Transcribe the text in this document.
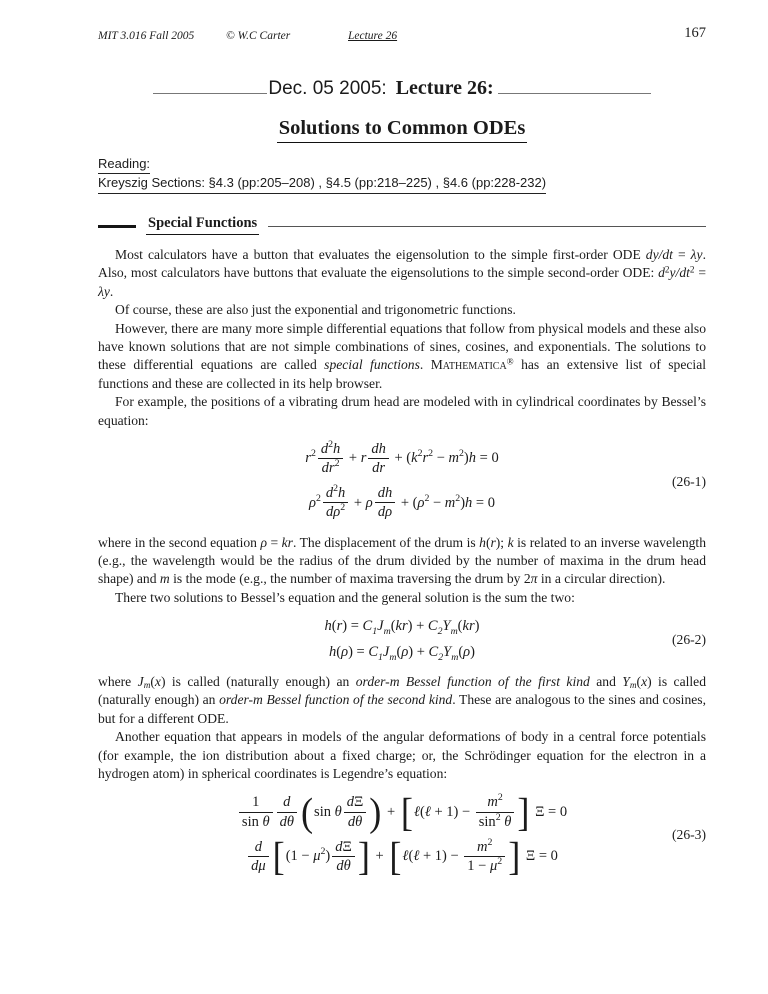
MIT 3.016 Fall 2005	© W.C Carter	Lecture 26	167
Dec. 05 2005: Lecture 26:
Solutions to Common ODEs
Reading:
Kreyszig Sections: §4.3 (pp:205–208) , §4.5 (pp:218–225) , §4.6 (pp:228-232)
Special Functions

Most calculators have a button that evaluates the eigensolution to the simple first-order ODE dy/dt = λy. Also, most calculators have buttons that evaluate the eigensolutions to the simple second-order ODE: $d^2y/dt^2 = \lambda y$.

Of course, these are also just the exponential and trigonometric functions.

However, there are many more simple differential equations that follow from physical models and these also have known solutions that are not simple combinations of sines, cosines, and exponentials. The solutions to these differential equations are called special functions. Mathematica® has an extensive list of special functions and these are collected in its help browser.

For example, the positions of a vibrating drum head are modeled with in cylindrical coordinates by Bessel’s equation:

$r^2 \frac{d^2 h}{dr^2} + r \frac{dh}{dr}$ + ( $k^2$ $r^2 - m^2$ ) h = 0
$\rho^2 \frac{d^2 h}{d\rho^2} + \rho \frac{dh}{d\rho}$ + ( $\rho^2 - m^2$ ) h = 0
(26-1)

where in the second equation ρ = kr. The displacement of the drum is h(r); k is related to an inverse wavelength (e.g., the wavelength would be the radius of the drum divided by the number of maxima in the drum head shape) and m is the mode (e.g., the number of maxima traversing the drum by 2π in a circular direction).

There two solutions to Bessel’s equation and the general solution is the sum the two:

h ( r ) = $C_1$ $J_m$ ( kr ) + $C_2$ $Y_m$ ( kr )
h ( ρ ) = $C_1$ $J_m$ ( ρ ) + $C_2$ $Y_m$ ( ρ )
(26-2)

where $J_m(x)$ is called (naturally enough) an order-m Bessel function of the first kind and $Y_m(x)$ is called (naturally enough) an order-m Bessel function of the second kind. These are analogous to the sines and cosines, but for a different ODE.

Another equation that appears in models of the angular deformations of body in a central force potentials (for example, the ion distribution about a fixed charge; or, the Schrödinger equation for the electron in a hydrogen atom) in spherical coordinates is Legendre’s equation:

$\frac{1}{\text{sin θ}} \frac{d}{d\theta}$ ( sin θ $\frac{\text{d Ξ}}{d\theta}$ ) + [ ℓ ( ℓ + $1) - m^2$
$\sin^2$
θ ] Ξ = 0
$\frac{d}{d\mu}$ [ ($1 - \mu^2$ ) $\frac{\text{d Ξ}}{d\theta}$ ] + [ ℓ ( ℓ + $1) - \frac{m^2}{1 - \mu^2}$ ] Ξ = 0
(26-3)
